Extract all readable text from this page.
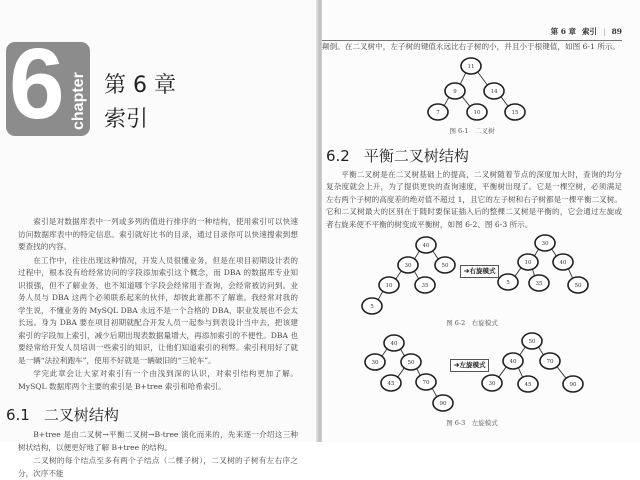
6 chapter 第 6 章
索引
索引是对数据库表中一列或多列的值进行排序的一种结构，使用索引可以快速访问数据库表中的特定信息。索引就好比书的目录，通过目录你可以快速搜索到想要查找的内容。
在工作中，往往出现这种情况，开发人员很懂业务，但是在项目初期设计表的过程中，根本没有给经常访问的字段添加索引这个概念，而 DBA 的数据库专业知识很强，但不了解业务，也不知道哪个字段会经常用于查询，会经常被访问到。业务人员与 DBA 这两个必须联系起来的伙伴，却彼此谁都不了解谁。我经常对我的学生说，不懂业务的 MySQL DBA 永远不是一个合格的 DBA，职业发展也不会太长远。身为 DBA 要在项目初期就配合开发人员一起参与到表设计当中去，把该建索引的字段加上索引，减少后期出现表数据量增大，再添加索引的不便性。DBA 也要经常给开发人员培训一些索引的知识，让他们知道索引的利弊。索引利用好了就是一辆“法拉利跑车”，使用不好就是一辆破旧的“三轮车”。
学完此章会让大家对索引有一个由浅到深的认识，对索引结构更加了解。MySQL 数据库两个主要的索引是 B+tree 索引和哈希索引。
6.1 二叉树结构
B+tree 是由二叉树→平衡二叉树→B-tree 演化而来的，先来逐一介绍这三种树状结构，以便更好地了解 B+tree 的结构。
二叉树的每个结点至多有两个子结点（二棵子树），二叉树的子树有左右序之分，次序不能
第 6 章 索引 | 89
颠倒。在二叉树中，左子树的键值永远比右子树的小，并且小于根键值，如图 6-1 所示。
11
9	14
7	10	15
图 6-1　二叉树
6.2 平衡二叉树结构
平衡二叉树是在二叉树基础上的提高，二叉树随着节点的深度加大时，查询的均分复杂度就会上升，为了提供更快的查询速度，平衡树出现了。它是一棵空树，必须满足左右两个子树的高度差的绝对值不超过 1，且它的左子树和右子树都是一棵平衡二叉树。它和二叉树最大的区别在于随时要保证插入后的整棵二叉树是平衡的，它会通过左旋或者右旋来使不平衡的树变成平衡树，如图 6-2、图 6-3 所示。
40
30	50
10	35
5
30
10	40
5	35	50
➔右旋模式
图 6-2　右旋模式
40
30	50
45	70
90
50
40	70
30	45	90
➔左旋模式
图 6-3　左旋模式
